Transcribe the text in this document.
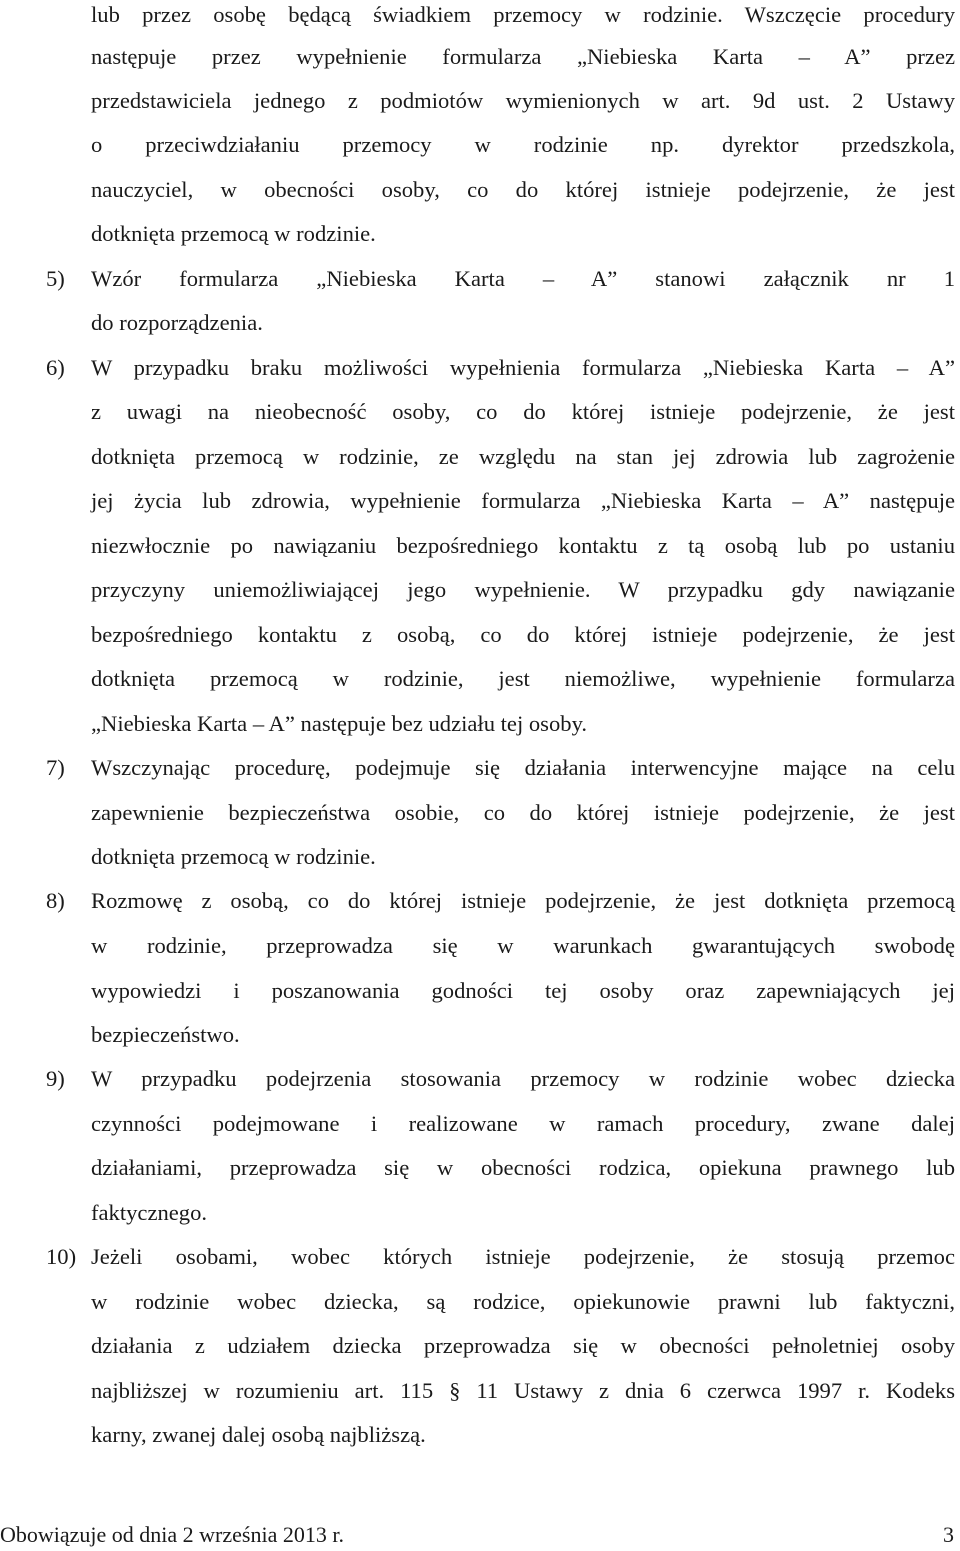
lub przez osobę będącą świadkiem przemocy w rodzinie. Wszczęcie procedury
następuje przez wypełnienie formularza „Niebieska Karta – A” przez
przedstawiciela jednego z podmiotów wymienionych w art. 9d ust. 2 Ustawy
o przeciwdziałaniu przemocy w rodzinie np. dyrektor przedszkola,
nauczyciel, w obecności osoby, co do której istnieje podejrzenie, że jest
dotknięta przemocą w rodzinie.
5) Wzór formularza „Niebieska Karta – A” stanowi załącznik nr 1
do rozporządzenia.
6) W przypadku braku możliwości wypełnienia formularza „Niebieska Karta – A”
z uwagi na nieobecność osoby, co do której istnieje podejrzenie, że jest
dotknięta przemocą w rodzinie, ze względu na stan jej zdrowia lub zagrożenie
jej życia lub zdrowia, wypełnienie formularza „Niebieska Karta – A” następuje
niezwłocznie po nawiązaniu bezpośredniego kontaktu z tą osobą lub po ustaniu
przyczyny uniemożliwiającej jego wypełnienie. W przypadku gdy nawiązanie
bezpośredniego kontaktu z osobą, co do której istnieje podejrzenie, że jest
dotknięta przemocą w rodzinie, jest niemożliwe, wypełnienie formularza
„Niebieska Karta – A” następuje bez udziału tej osoby.
7) Wszczynając procedurę, podejmuje się działania interwencyjne mające na celu
zapewnienie bezpieczeństwa osobie, co do której istnieje podejrzenie, że jest
dotknięta przemocą w rodzinie.
8) Rozmowę z osobą, co do której istnieje podejrzenie, że jest dotknięta przemocą
w rodzinie, przeprowadza się w warunkach gwarantujących swobodę
wypowiedzi i poszanowania godności tej osoby oraz zapewniających jej
bezpieczeństwo.
9) W przypadku podejrzenia stosowania przemocy w rodzinie wobec dziecka
czynności podejmowane i realizowane w ramach procedury, zwane dalej
działaniami, przeprowadza się w obecności rodzica, opiekuna prawnego lub
faktycznego.
10) Jeżeli osobami, wobec których istnieje podejrzenie, że stosują przemoc
w rodzinie wobec dziecka, są rodzice, opiekunowie prawni lub faktyczni,
działania z udziałem dziecka przeprowadza się w obecności pełnoletniej osoby
najbliższej w rozumieniu art. 115 § 11 Ustawy z dnia 6 czerwca 1997 r. Kodeks
karny, zwanej dalej osobą najbliższą.
Obowiązuje od dnia 2 września 2013 r.	3
